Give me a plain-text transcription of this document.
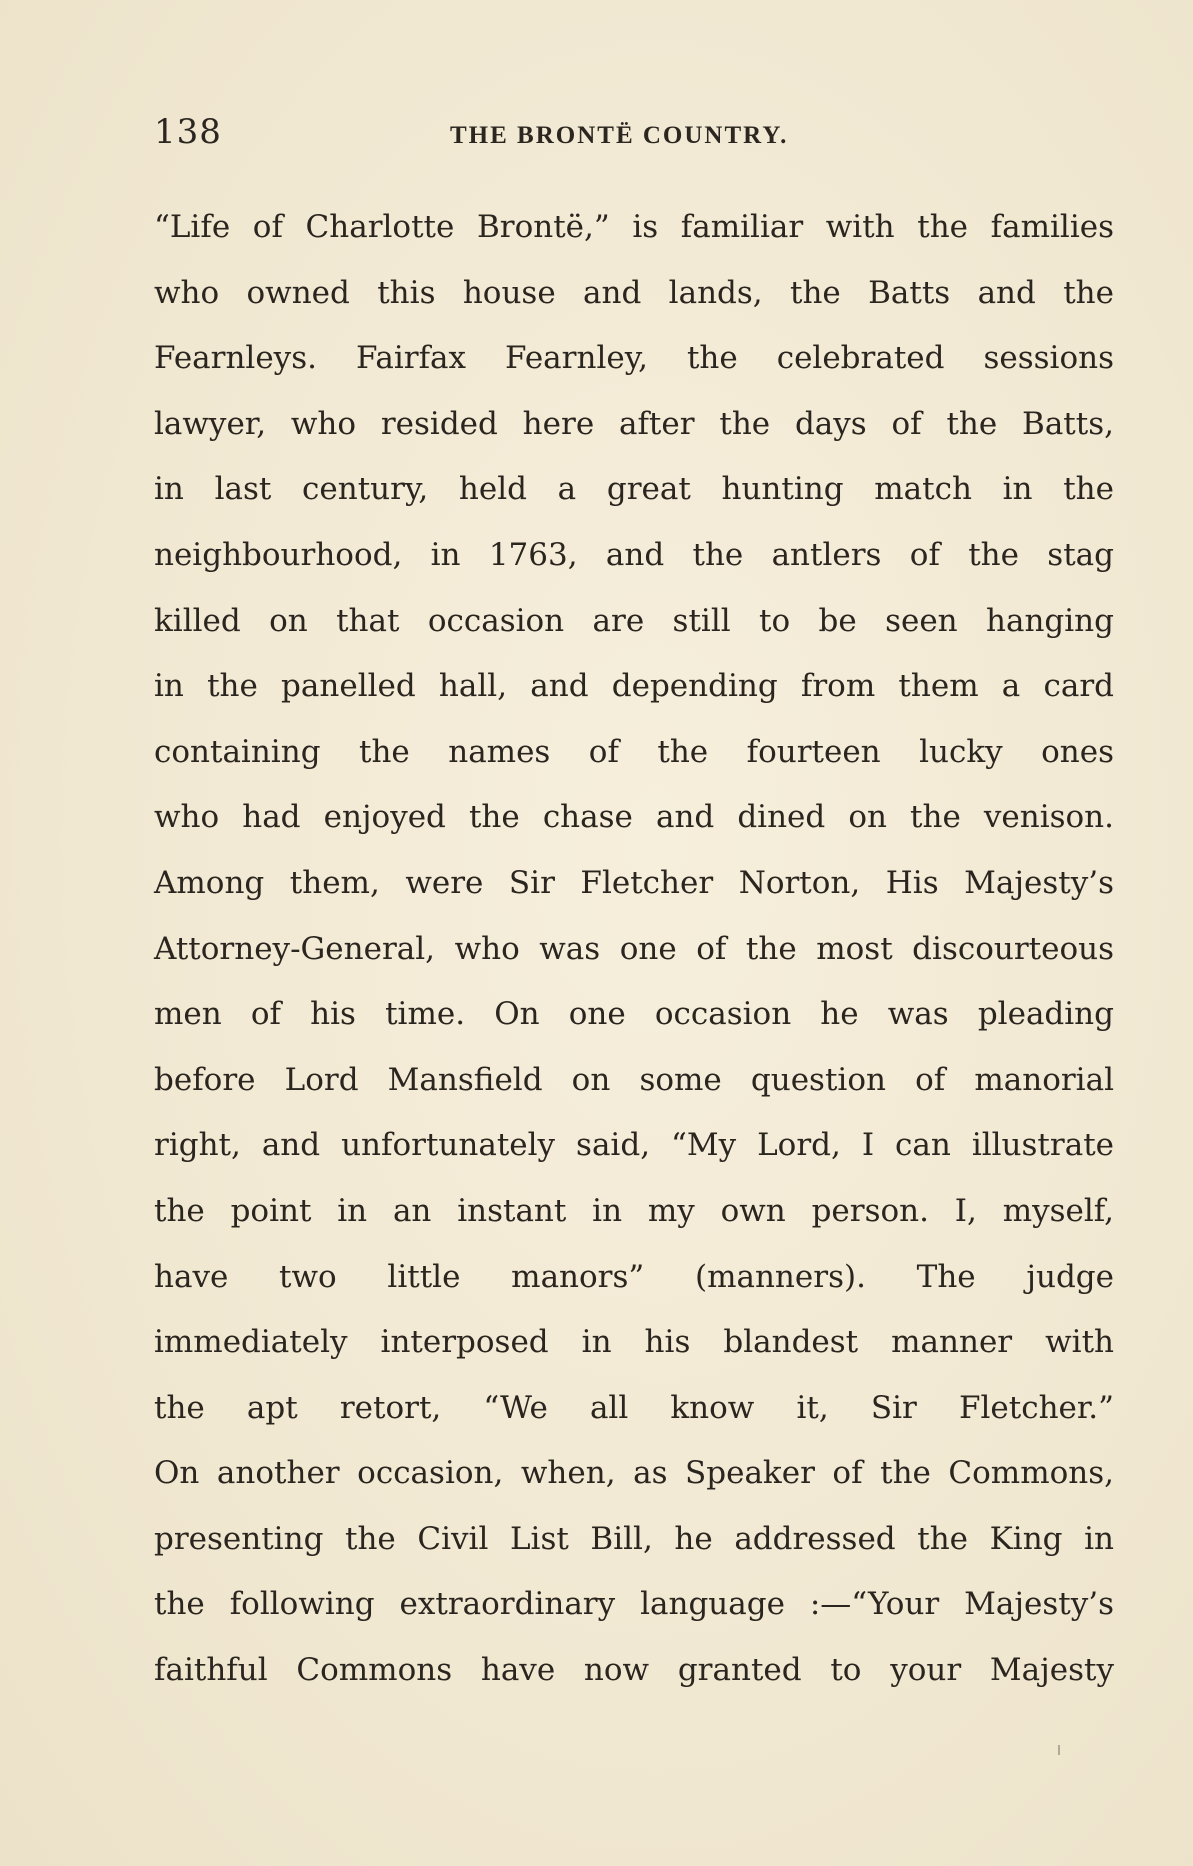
138	THE BRONTË COUNTRY.
“Life of Charlotte Brontë,” is familiar with the families
who owned this house and lands, the Batts and the
Fearnleys. Fairfax Fearnley, the celebrated sessions
lawyer, who resided here after the days of the Batts,
in last century, held a great hunting match in the
neighbourhood, in 1763, and the antlers of the stag
killed on that occasion are still to be seen hanging
in the panelled hall, and depending from them a card
containing the names of the fourteen lucky ones
who had enjoyed the chase and dined on the venison.
Among them, were Sir Fletcher Norton, His Majesty’s
Attorney-General, who was one of the most discourteous
men of his time. On one occasion he was pleading
before Lord Mansfield on some question of manorial
right, and unfortunately said, “My Lord, I can illustrate
the point in an instant in my own person. I, myself,
have two little manors” (manners). The judge
immediately interposed in his blandest manner with
the apt retort, “We all know it, Sir Fletcher.”
On another occasion, when, as Speaker of the Commons,
presenting the Civil List Bill, he addressed the King in
the following extraordinary language :—“Your Majesty’s
faithful Commons have now granted to your Majesty
